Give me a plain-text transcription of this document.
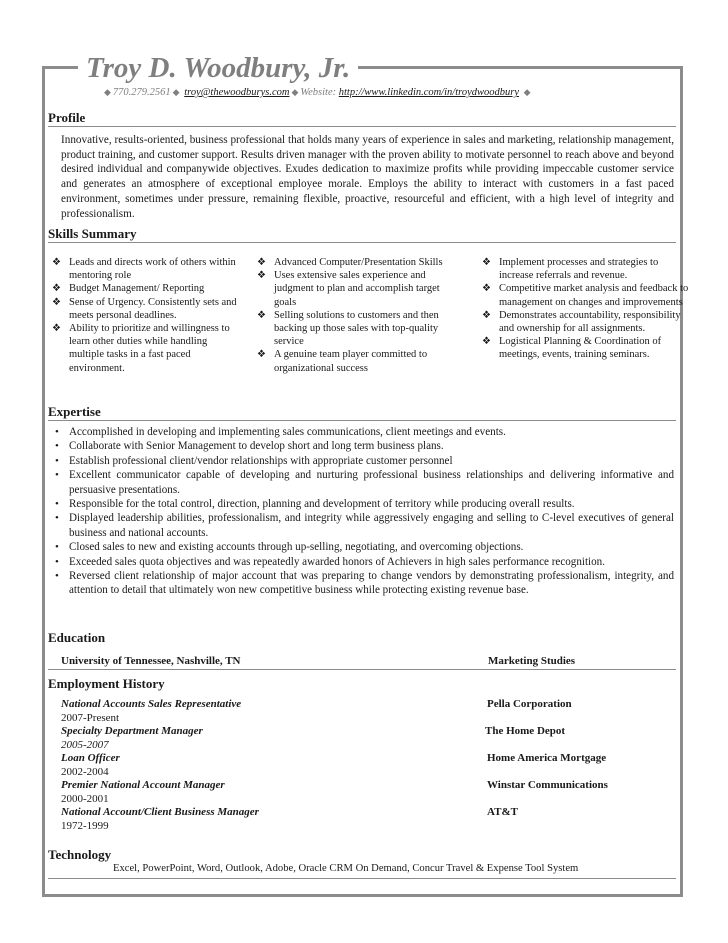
Troy D. Woodbury, Jr.
◆ 770.279.2561 ◆ troy@thewoodburys.com ◆ Website: http://www.linkedin.com/in/troydwoodbury ◆
Profile
Innovative, results-oriented, business professional that holds many years of experience in sales and marketing, relationship management, product training, and customer support. Results driven manager with the proven ability to motivate personnel to reach above and beyond desired individual and companywide objectives. Exudes dedication to maximize profits while providing impeccable customer service and generates an atmosphere of exceptional employee morale. Employs the ability to interact with customers in a fast paced environment, sometimes under pressure, remaining flexible, proactive, resourceful and efficient, with a high level of integrity and professionalism.
Skills Summary
❖ Leads and directs work of others within mentoring role
❖ Budget Management/ Reporting
❖ Sense of Urgency. Consistently sets and meets personal deadlines.
❖ Ability to prioritize and willingness to learn other duties while handling multiple tasks in a fast paced environment.
❖ Advanced Computer/Presentation Skills
❖ Uses extensive sales experience and judgment to plan and accomplish target goals
❖ Selling solutions to customers and then backing up those sales with top-quality service
❖ A genuine team player committed to organizational success
❖ Implement processes and strategies to increase referrals and revenue.
❖ Competitive market analysis and feedback to management on changes and improvements
❖ Demonstrates accountability, responsibility and ownership for all assignments.
❖ Logistical Planning & Coordination of meetings, events, training seminars.
Expertise
• Accomplished in developing and implementing sales communications, client meetings and events.
• Collaborate with Senior Management to develop short and long term business plans.
• Establish professional client/vendor relationships with appropriate customer personnel
• Excellent communicator capable of developing and nurturing professional business relationships and delivering informative and persuasive presentations.
• Responsible for the total control, direction, planning and development of territory while producing overall results.
• Displayed leadership abilities, professionalism, and integrity while aggressively engaging and selling to C-level executives of general business and national accounts.
• Closed sales to new and existing accounts through up-selling, negotiating, and overcoming objections.
• Exceeded sales quota objectives and was repeatedly awarded honors of Achievers in high sales performance recognition.
• Reversed client relationship of major account that was preparing to change vendors by demonstrating professionalism, integrity, and attention to detail that ultimately won new competitive business while protecting existing revenue base.
Education
University of Tennessee, Nashville, TN	Marketing Studies
Employment History
National Accounts Sales Representative
2007-Present
Pella Corporation
Specialty Department Manager
2005-2007
The Home Depot
Loan Officer
2002-2004
Home America Mortgage
Premier National Account Manager
2000-2001
Winstar Communications
National Account/Client Business Manager
1972-1999
AT&T
Technology
Excel, PowerPoint, Word, Outlook, Adobe, Oracle CRM On Demand, Concur Travel & Expense Tool System
